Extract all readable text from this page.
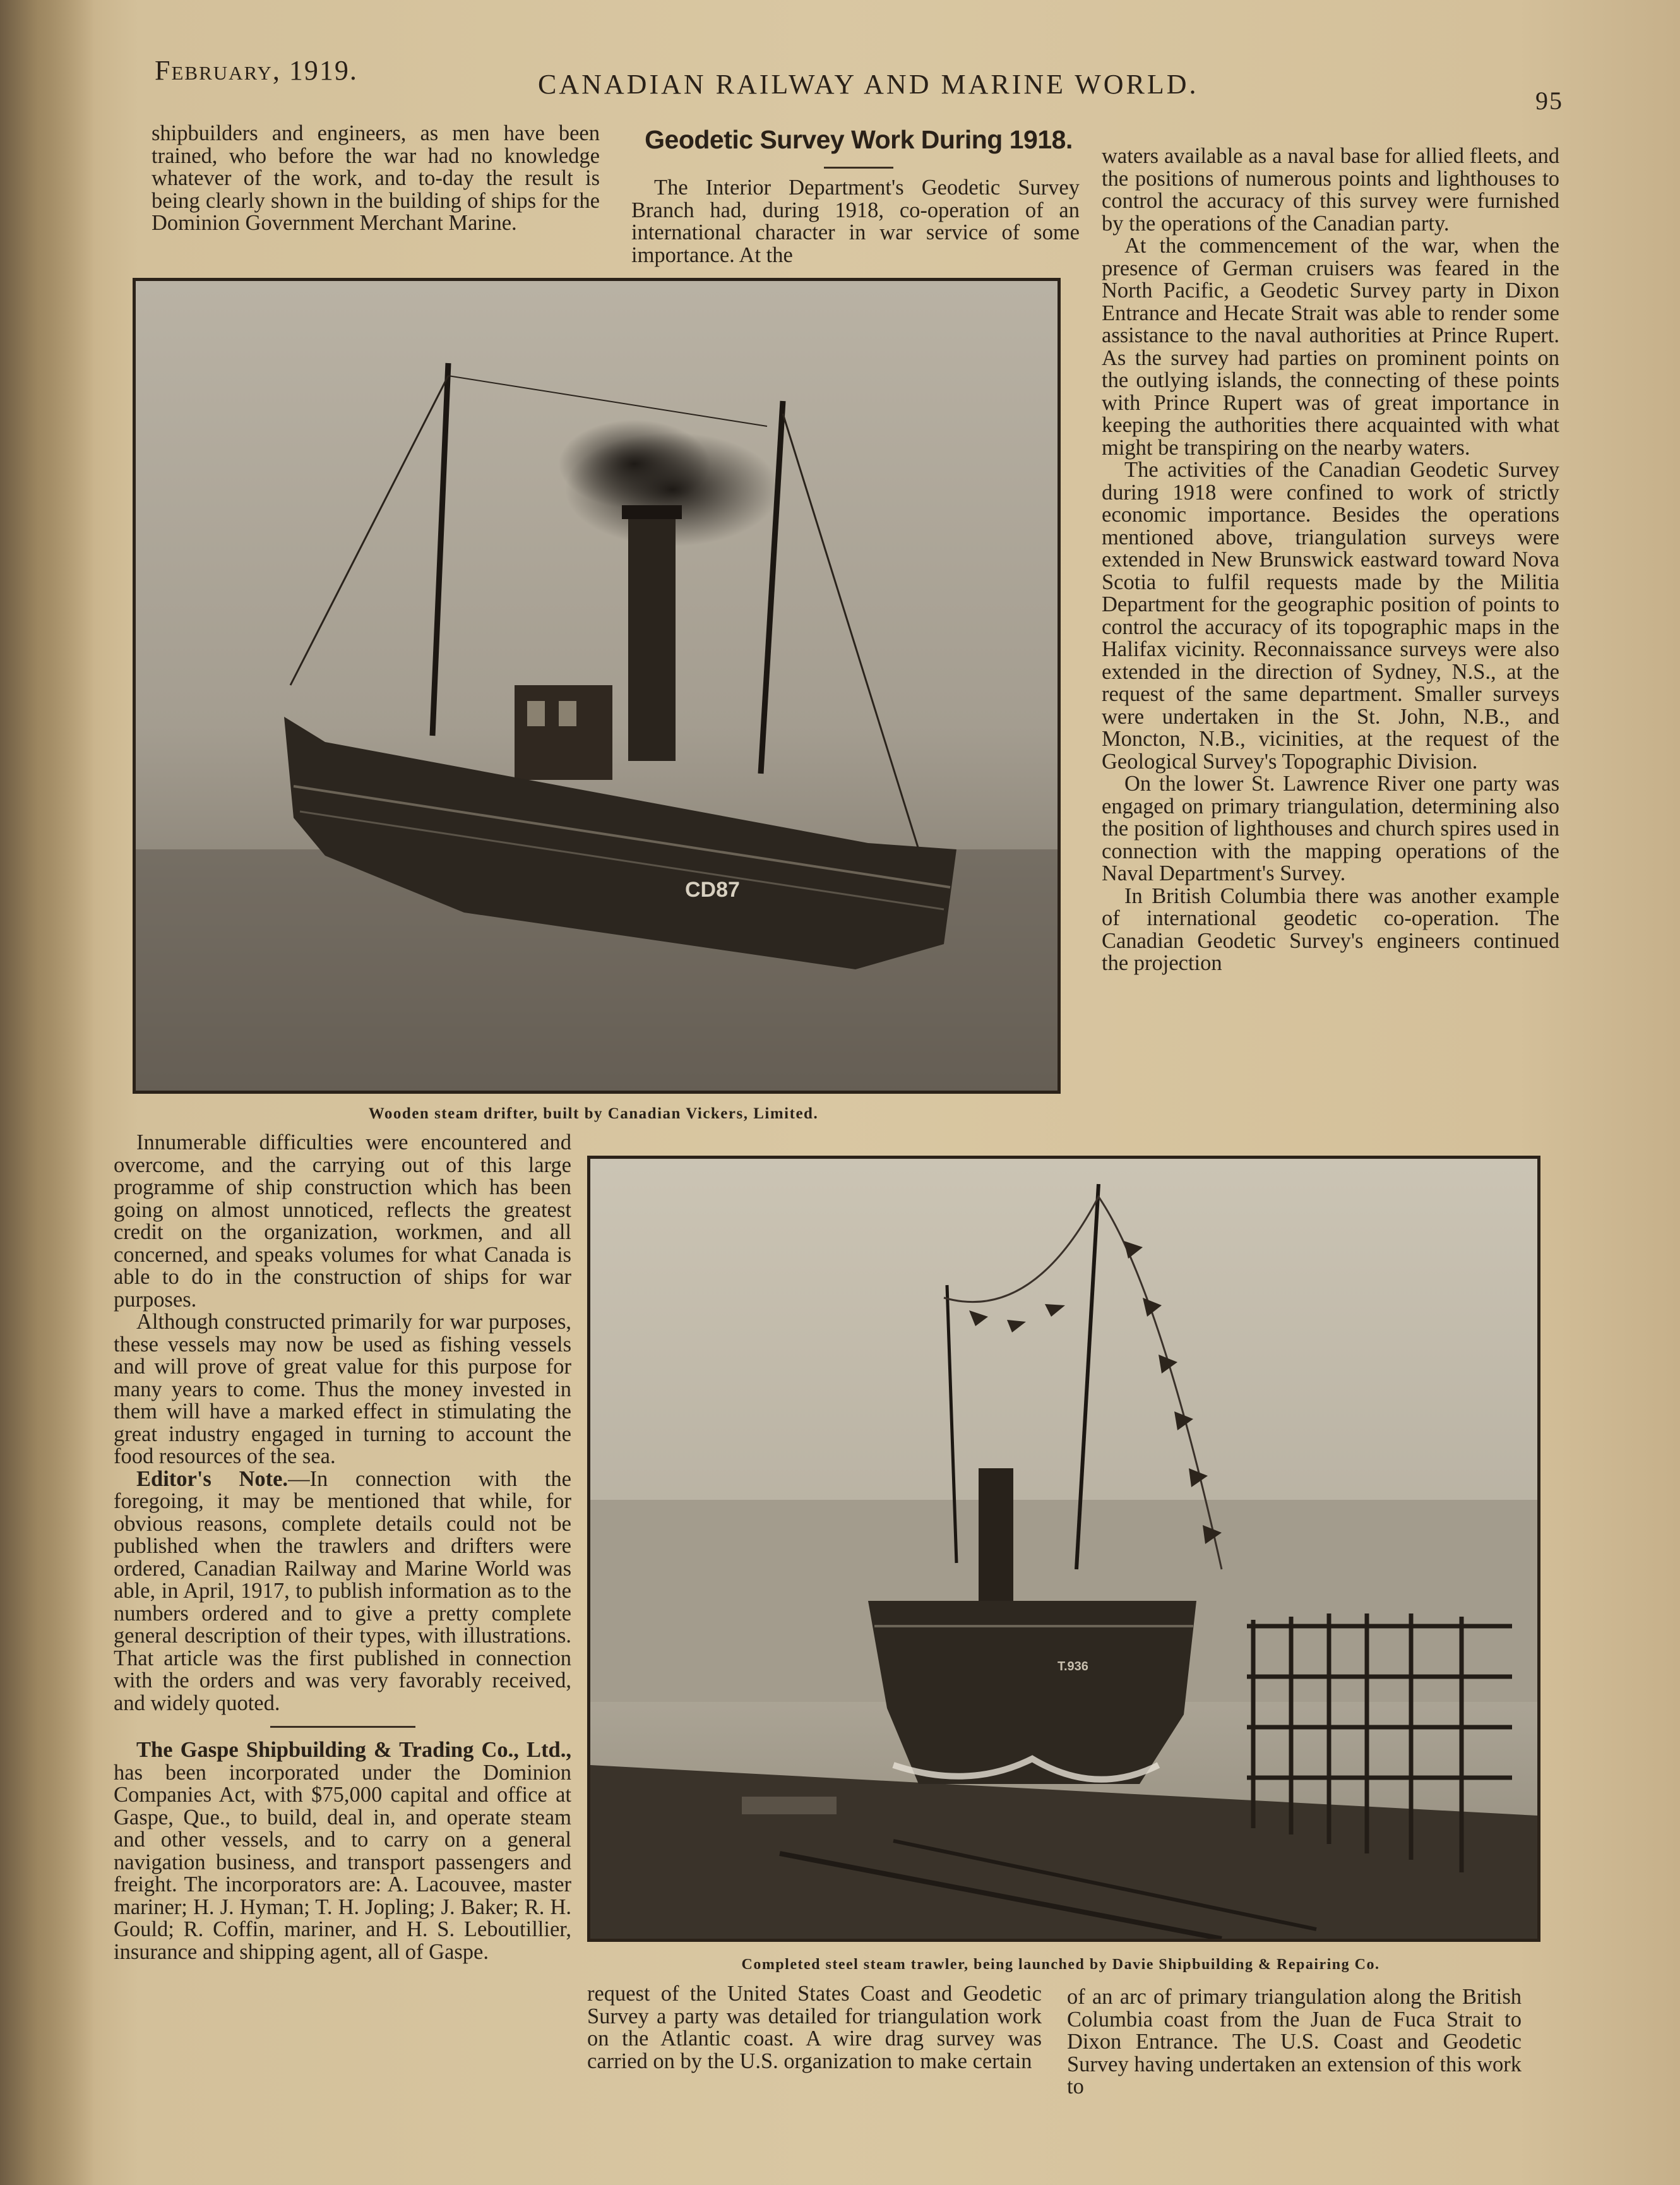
February, 1919.	CANADIAN RAILWAY AND MARINE WORLD.
95

shipbuilders and engineers, as men have been trained, who before the war had no knowledge whatever of the work, and to-day the result is being clearly shown in the building of ships for the Dominion Government Merchant Marine.

Geodetic Survey Work During 1918.

The Interior Department's Geodetic Survey Branch had, during 1918, co-operation of an international character in war service of some importance. At the

waters available as a naval base for allied fleets, and the positions of numerous points and lighthouses to control the accuracy of this survey were furnished by the operations of the Canadian party.

At the commencement of the war, when the presence of German cruisers was feared in the North Pacific, a Geodetic Survey party in Dixon Entrance and Hecate Strait was able to render some assistance to the naval authorities at Prince Rupert. As the survey had parties on prominent points on the outlying islands, the connecting of these points with Prince Rupert was of great importance in keeping the authorities there acquainted with what might be transpiring on the nearby waters.

The activities of the Canadian Geodetic Survey during 1918 were confined to work of strictly economic importance. Besides the operations mentioned above, triangulation surveys were extended in New Brunswick eastward toward Nova Scotia to fulfil requests made by the Militia Department for the geographic position of points to control the accuracy of its topographic maps in the Halifax vicinity. Reconnaissance surveys were also extended in the direction of Sydney, N.S., at the request of the same department. Smaller surveys were undertaken in the St. John, N.B., and Moncton, N.B., vicinities, at the request of the Geological Survey's Topographic Division.

On the lower St. Lawrence River one party was engaged on primary triangulation, determining also the position of lighthouses and church spires used in connection with the mapping operations of the Naval Department's Survey.

In British Columbia there was another example of international geodetic co-operation. The Canadian Geodetic Survey's engineers continued the projection

CD87
Wooden steam drifter, built by Canadian Vickers, Limited.

Innumerable difficulties were encountered and overcome, and the carrying out of this large programme of ship construction which has been going on almost unnoticed, reflects the greatest credit on the organization, workmen, and all concerned, and speaks volumes for what Canada is able to do in the construction of ships for war purposes.

Although constructed primarily for war purposes, these vessels may now be used as fishing vessels and will prove of great value for this purpose for many years to come. Thus the money invested in them will have a marked effect in stimulating the great industry engaged in turning to account the food resources of the sea.

Editor's Note.—In connection with the foregoing, it may be mentioned that while, for obvious reasons, complete details could not be published when the trawlers and drifters were ordered, Canadian Railway and Marine World was able, in April, 1917, to publish information as to the numbers ordered and to give a pretty complete general description of their types, with illustrations. That article was the first published in connection with the orders and was very favorably received, and widely quoted.

The Gaspe Shipbuilding & Trading Co., Ltd., has been incorporated under the Dominion Companies Act, with $75,000 capital and office at Gaspe, Que., to build, deal in, and operate steam and other vessels, and to carry on a general navigation business, and transport passengers and freight. The incorporators are: A. Lacouvee, master mariner; H. J. Hyman; T. H. Jopling; J. Baker; R. H. Gould; R. Coffin, mariner, and H. S. Leboutillier, insurance and shipping agent, all of Gaspe.

T.936
Completed steel steam trawler, being launched by Davie Shipbuilding & Repairing Co.

request of the United States Coast and Geodetic Survey a party was detailed for triangulation work on the Atlantic coast. A wire drag survey was carried on by the U.S. organization to make certain

of an arc of primary triangulation along the British Columbia coast from the Juan de Fuca Strait to Dixon Entrance. The U.S. Coast and Geodetic Survey having undertaken an extension of this work to
